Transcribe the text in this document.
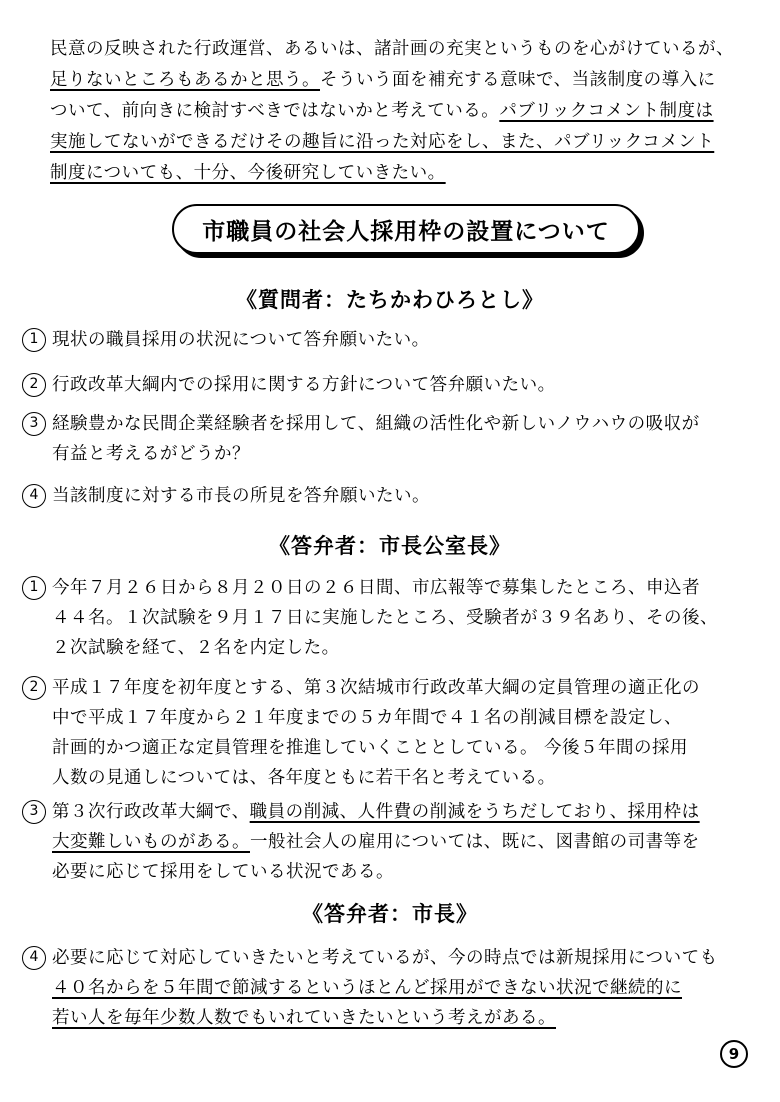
民意の反映された行政運営、あるいは、諸計画の充実というものを心がけているが、
足りないところもあるかと思う。そういう面を補充する意味で、当該制度の導入に
ついて、前向きに検討すべきではないかと考えている。パブリックコメント制度は
実施してないができるだけその趣旨に沿った対応をし、また、パブリックコメント
制度についても、十分、今後研究していきたい。
市職員の社会人採用枠の設置について
《質問者：たちかわひろとし》
1 現状の職員採用の状況について答弁願いたい。
2 行政改革大綱内での採用に関する方針について答弁願いたい。
3 経験豊かな民間企業経験者を採用して、組織の活性化や新しいノウハウの吸収が
有益と考えるがどうか？
4 当該制度に対する市長の所見を答弁願いたい。
《答弁者：市長公室長》
1 今年７月２６日から８月２０日の２６日間、市広報等で募集したところ、申込者
４４名。１次試験を９月１７日に実施したところ、受験者が３９名あり、その後、
２次試験を経て、２名を内定した。
2 平成１７年度を初年度とする、第３次結城市行政改革大綱の定員管理の適正化の
中で平成１７年度から２１年度までの５カ年間で４１名の削減目標を設定し、
計画的かつ適正な定員管理を推進していくこととしている。 今後５年間の採用
人数の見通しについては、各年度ともに若干名と考えている。
3 第３次行政改革大綱で、職員の削減、人件費の削減をうちだしており、採用枠は
大変難しいものがある。一般社会人の雇用については、既に、図書館の司書等を
必要に応じて採用をしている状況である。
《答弁者：市長》
4 必要に応じて対応していきたいと考えているが、今の時点では新規採用についても
４０名からを５年間で節減するというほとんど採用ができない状況で継続的に
若い人を毎年少数人数でもいれていきたいという考えがある。
9
